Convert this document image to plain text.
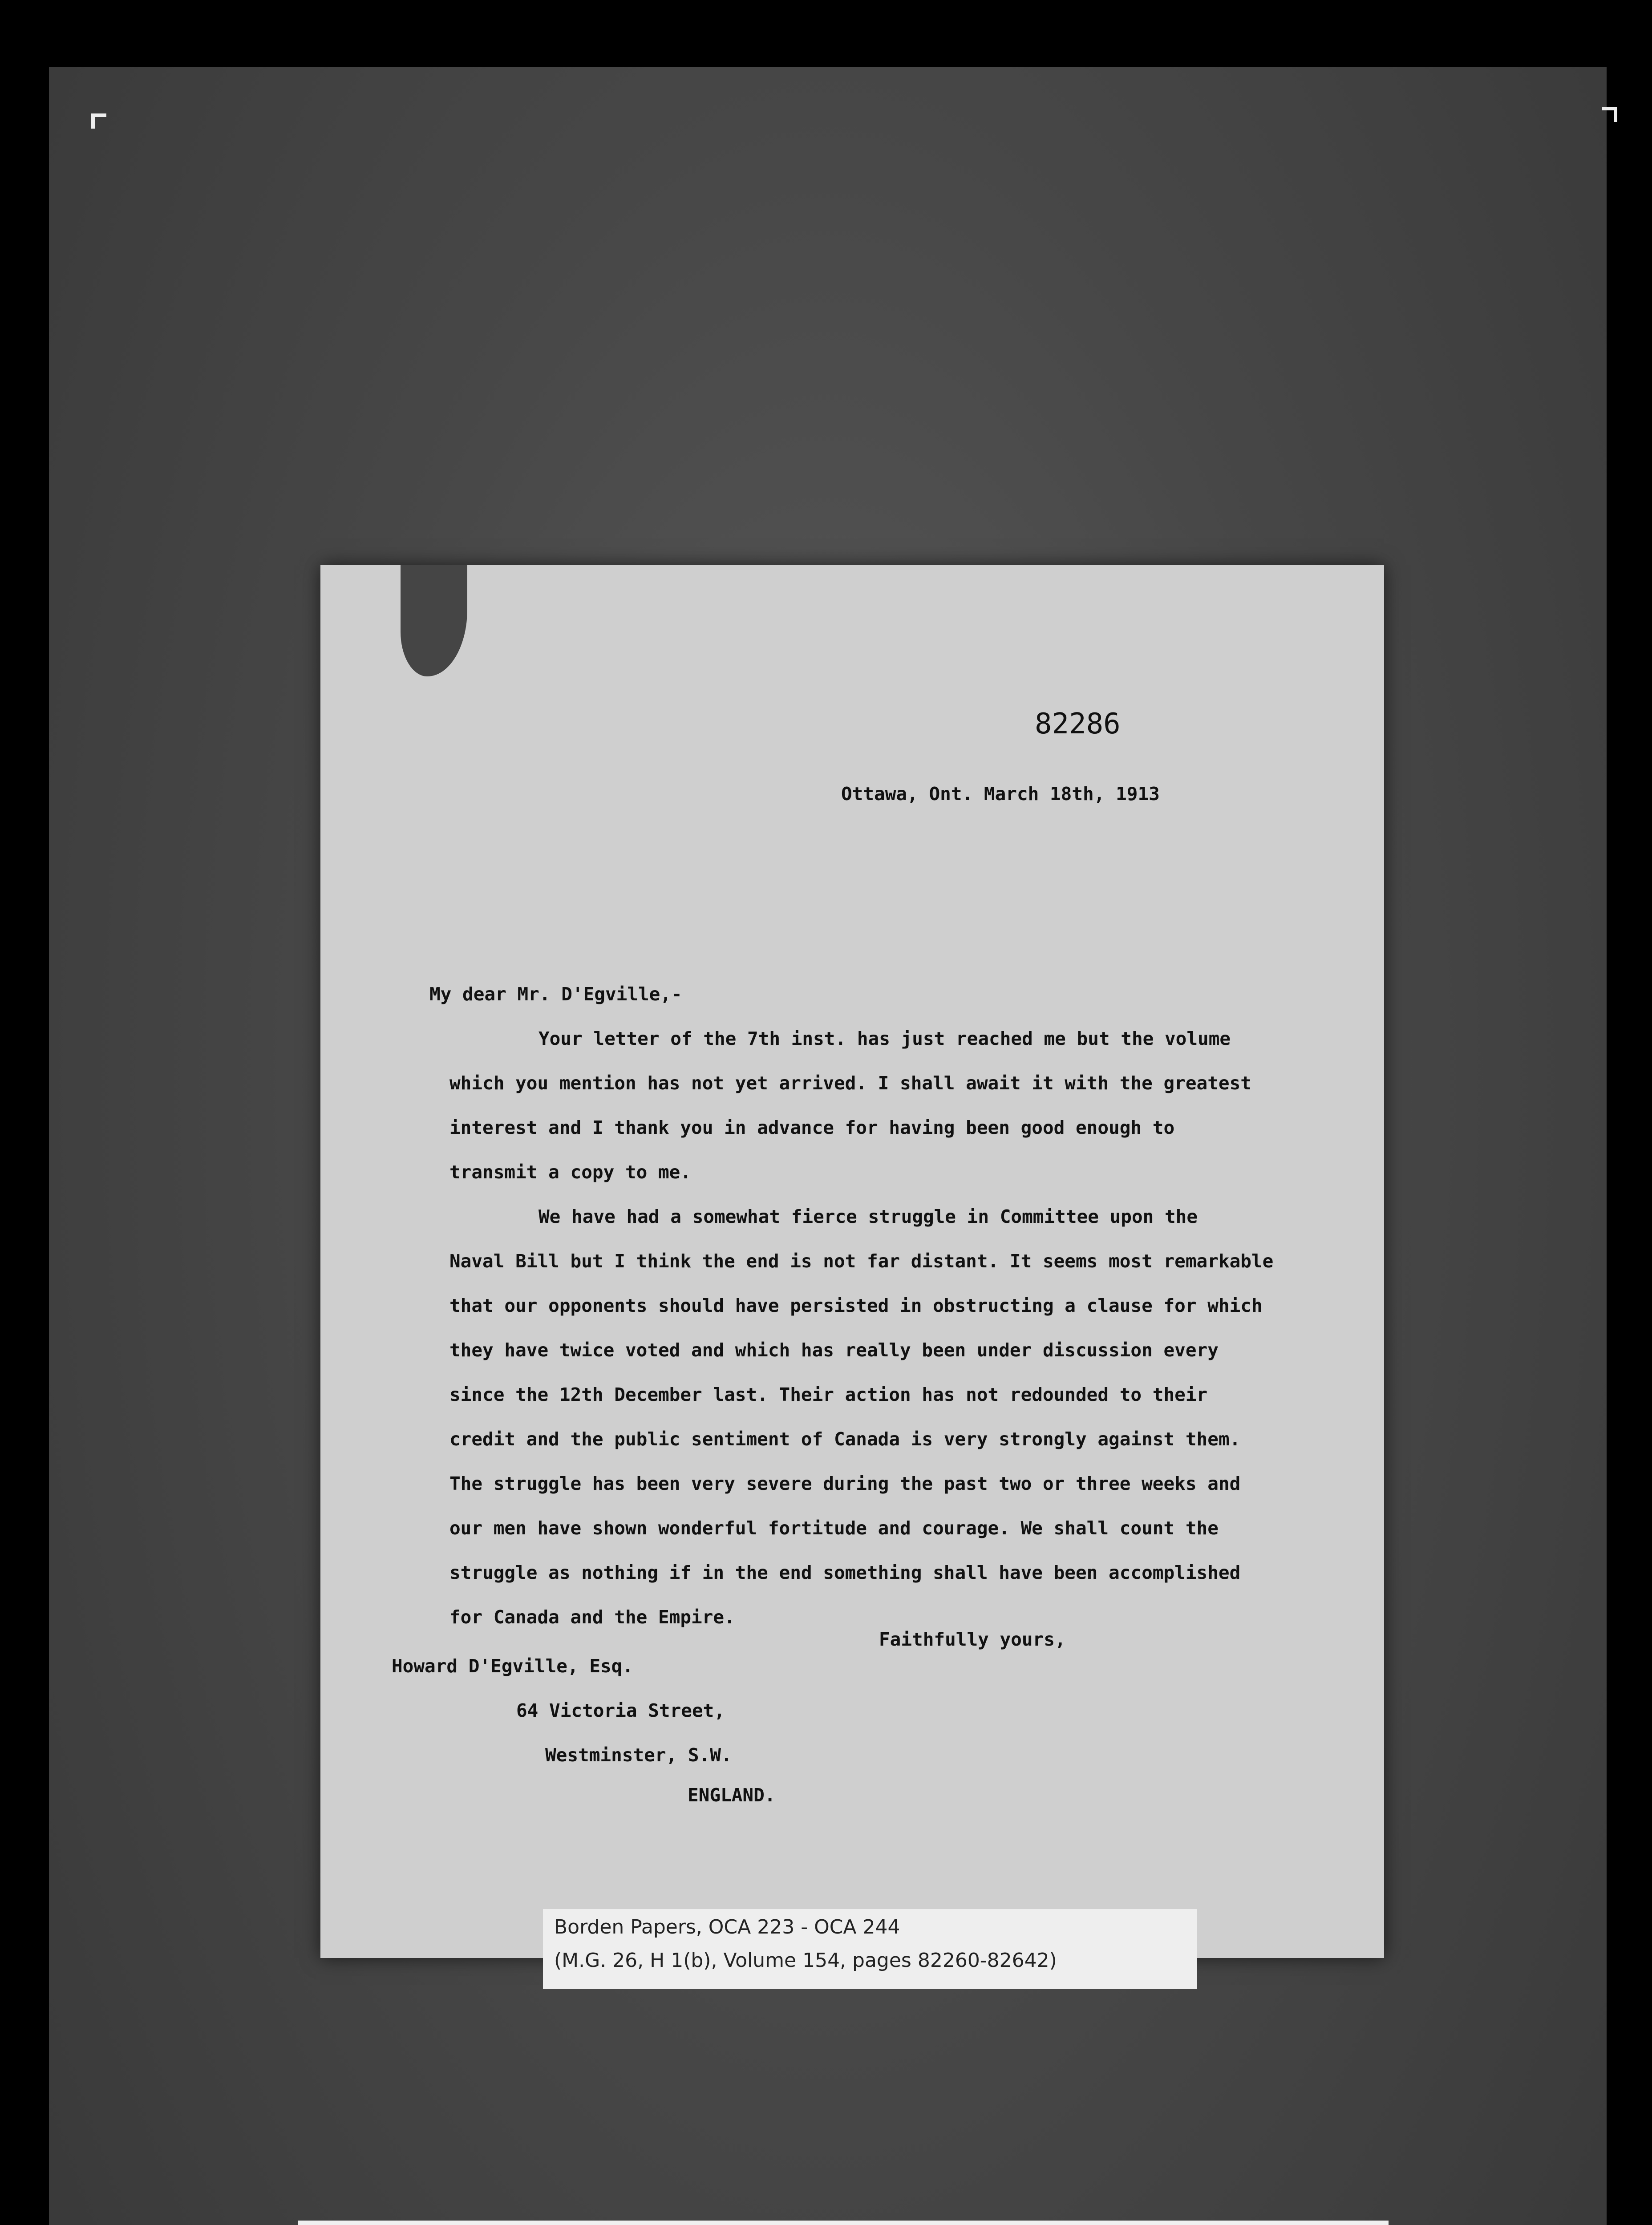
82286
Ottawa, Ont. March 18th, 1913
My dear Mr. D'Egville,-
Your letter of the 7th inst. has just reached me but the volume
which you mention has not yet arrived. I shall await it with the greatest
interest and I thank you in advance for having been good enough to
transmit a copy to me.
We have had a somewhat fierce struggle in Committee upon the
Naval Bill but I think the end is not far distant. It seems most remarkable
that our opponents should have persisted in obstructing a clause for which
they have twice voted and which has really been under discussion every
since the 12th December last. Their action has not redounded to their
credit and the public sentiment of Canada is very strongly against them.
The struggle has been very severe during the past two or three weeks and
our men have shown wonderful fortitude and courage. We shall count the
struggle as nothing if in the end something shall have been accomplished
for Canada and the Empire.
Faithfully yours,
Howard D'Egville, Esq.
64 Victoria Street,
Westminster, S.W.
ENGLAND.
Borden Papers, OCA 223 - OCA 244
(M.G. 26, H 1(b), Volume 154, pages 82260-82642)
